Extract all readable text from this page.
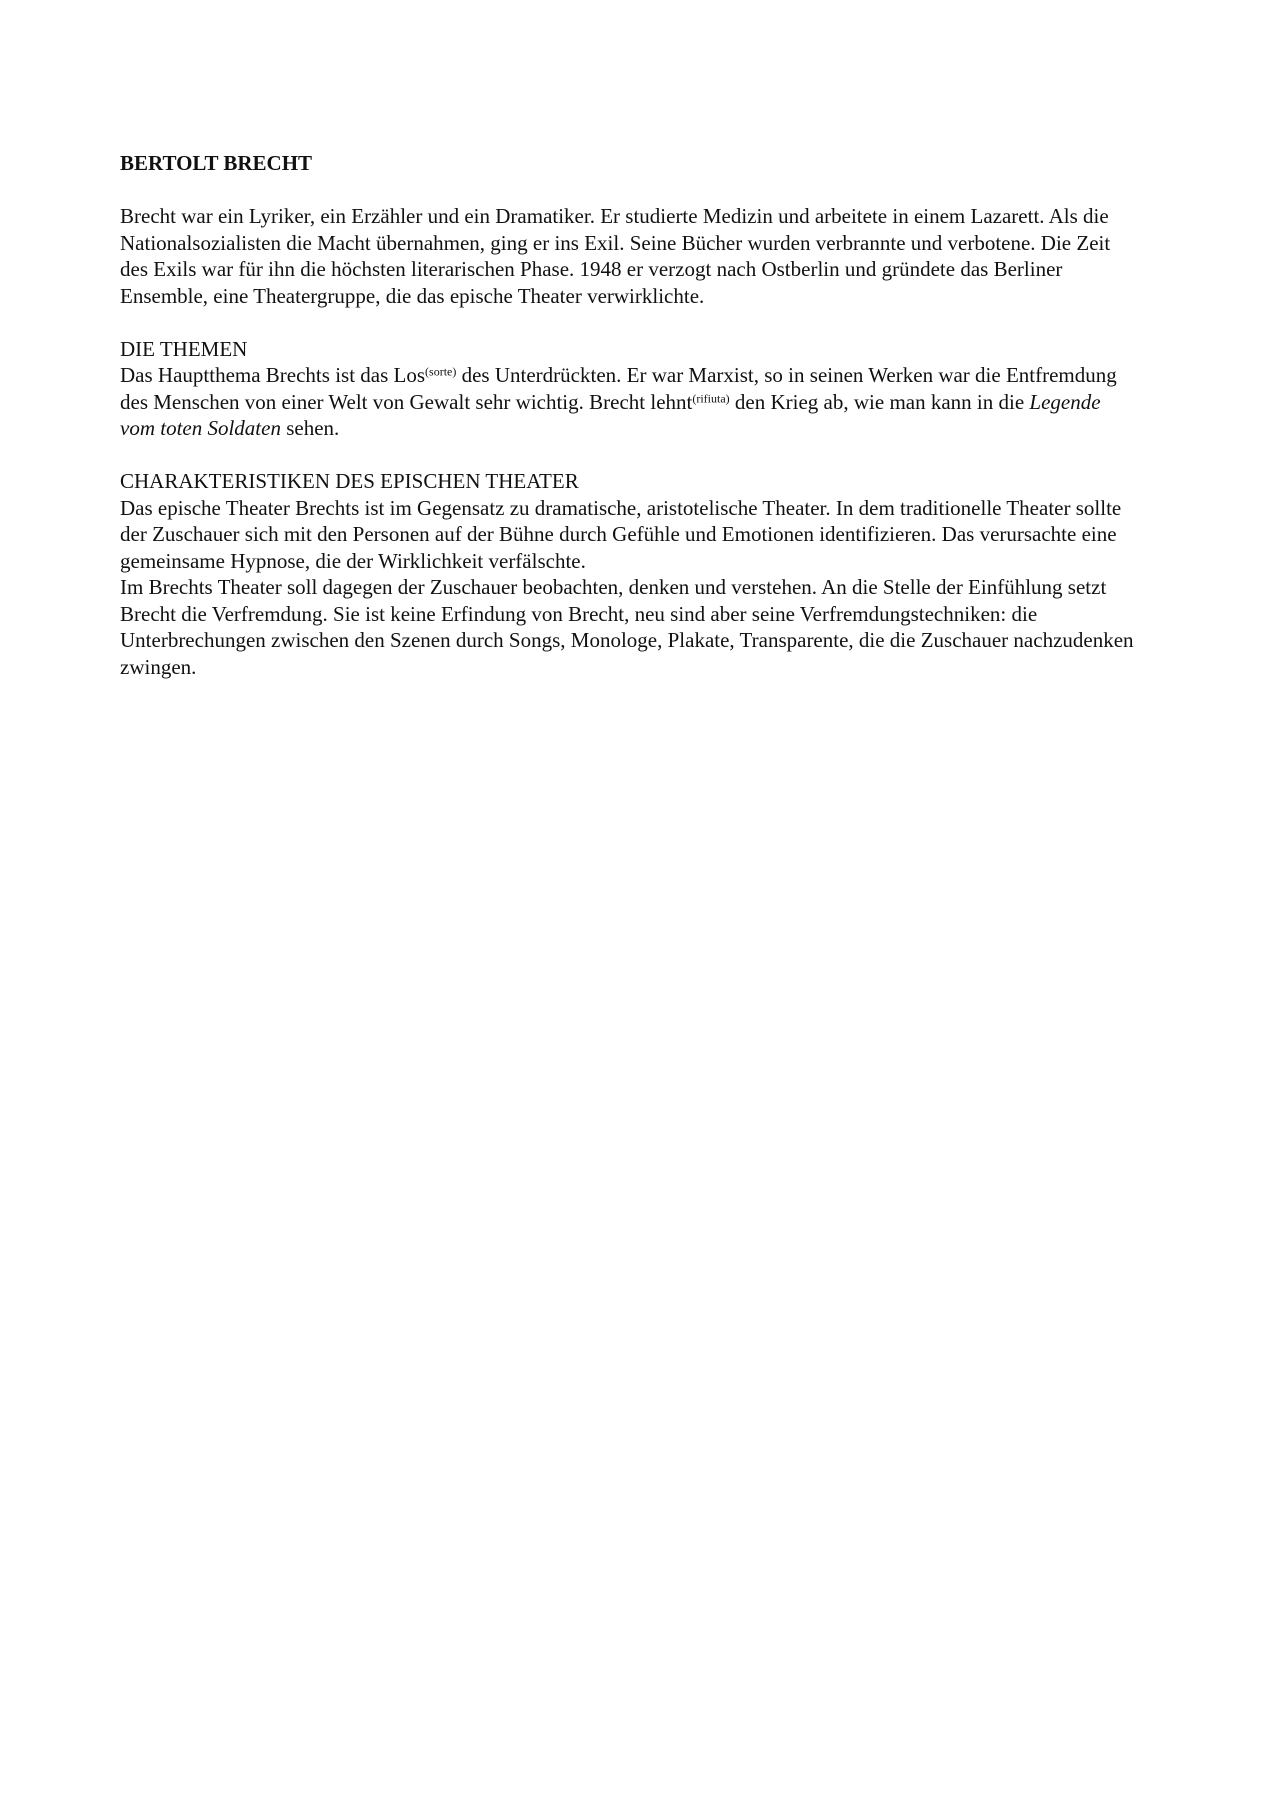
BERTOLT BRECHT

Brecht war ein Lyriker, ein Erzähler und ein Dramatiker. Er studierte Medizin und arbeitete in einem Lazarett. Als die Nationalsozialisten die Macht übernahmen, ging er ins Exil. Seine Bücher wurden verbrannte und verbotene. Die Zeit des Exils war für ihn die höchsten literarischen Phase. 1948 er verzogt nach Ostberlin und gründete das Berliner Ensemble, eine Theatergruppe, die das epische Theater verwirklichte.

DIE THEMEN

Das Hauptthema Brechts ist das Los$^{(sorte)}$ des Unterdrückten. Er war Marxist, so in seinen Werken war die Entfremdung des Menschen von einer Welt von Gewalt sehr wichtig. Brecht lehnt$^{(rifiuta)}$ den Krieg ab, wie man kann in die Legende vom toten Soldaten sehen.

CHARAKTERISTIKEN DES EPISCHEN THEATER

Das epische Theater Brechts ist im Gegensatz zu dramatische, aristotelische Theater. In dem traditionelle Theater sollte der Zuschauer sich mit den Personen auf der Bühne durch Gefühle und Emotionen identifizieren. Das verursachte eine gemeinsame Hypnose, die der Wirklichkeit verfälschte.

Im Brechts Theater soll dagegen der Zuschauer beobachten, denken und verstehen. An die Stelle der Einfühlung setzt Brecht die Verfremdung. Sie ist keine Erfindung von Brecht, neu sind aber seine Verfremdungstechniken: die Unterbrechungen zwischen den Szenen durch Songs, Monologe, Plakate, Transparente, die die Zuschauer nachzudenken zwingen.
